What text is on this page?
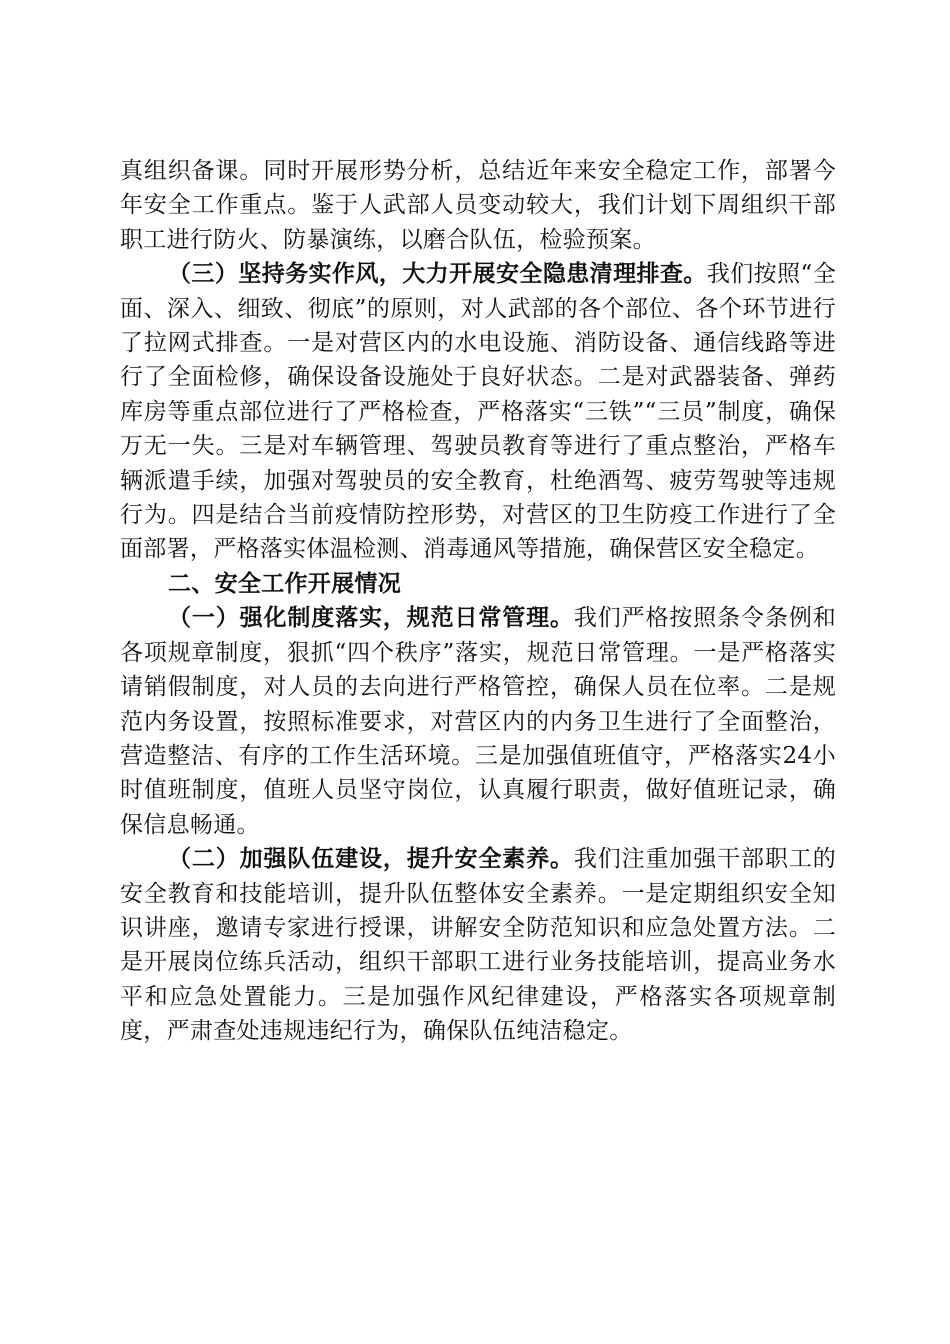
真组织备课。同时开展形势分析，总结近年来安全稳定工作，部署今年安全工作重点。鉴于人武部人员变动较大，我们计划下周组织干部职工进行防火、防暴演练，以磨合队伍，检验预案。

（三）坚持务实作风，大力开展安全隐患清理排查。我们按照“全面、深入、细致、彻底”的原则，对人武部的各个部位、各个环节进行了拉网式排查。一是对营区内的水电设施、消防设备、通信线路等进行了全面检修，确保设备设施处于良好状态。二是对武器装备、弹药库房等重点部位进行了严格检查，严格落实“三铁”“三员”制度，确保万无一失。三是对车辆管理、驾驶员教育等进行了重点整治，严格车辆派遣手续，加强对驾驶员的安全教育，杜绝酒驾、疲劳驾驶等违规行为。四是结合当前疫情防控形势，对营区的卫生防疫工作进行了全面部署，严格落实体温检测、消毒通风等措施，确保营区安全稳定。

二、安全工作开展情况

（一）强化制度落实，规范日常管理。我们严格按照条令条例和各项规章制度，狠抓“四个秩序”落实，规范日常管理。一是严格落实请销假制度，对人员的去向进行严格管控，确保人员在位率。二是规范内务设置，按照标准要求，对营区内的内务卫生进行了全面整治，营造整洁、有序的工作生活环境。三是加强值班值守，严格落实24小时值班制度，值班人员坚守岗位，认真履行职责，做好值班记录，确保信息畅通。

（二）加强队伍建设，提升安全素养。我们注重加强干部职工的安全教育和技能培训，提升队伍整体安全素养。一是定期组织安全知识讲座，邀请专家进行授课，讲解安全防范知识和应急处置方法。二是开展岗位练兵活动，组织干部职工进行业务技能培训，提高业务水平和应急处置能力。三是加强作风纪律建设，严格落实各项规章制度，严肃查处违规违纪行为，确保队伍纯洁稳定。
